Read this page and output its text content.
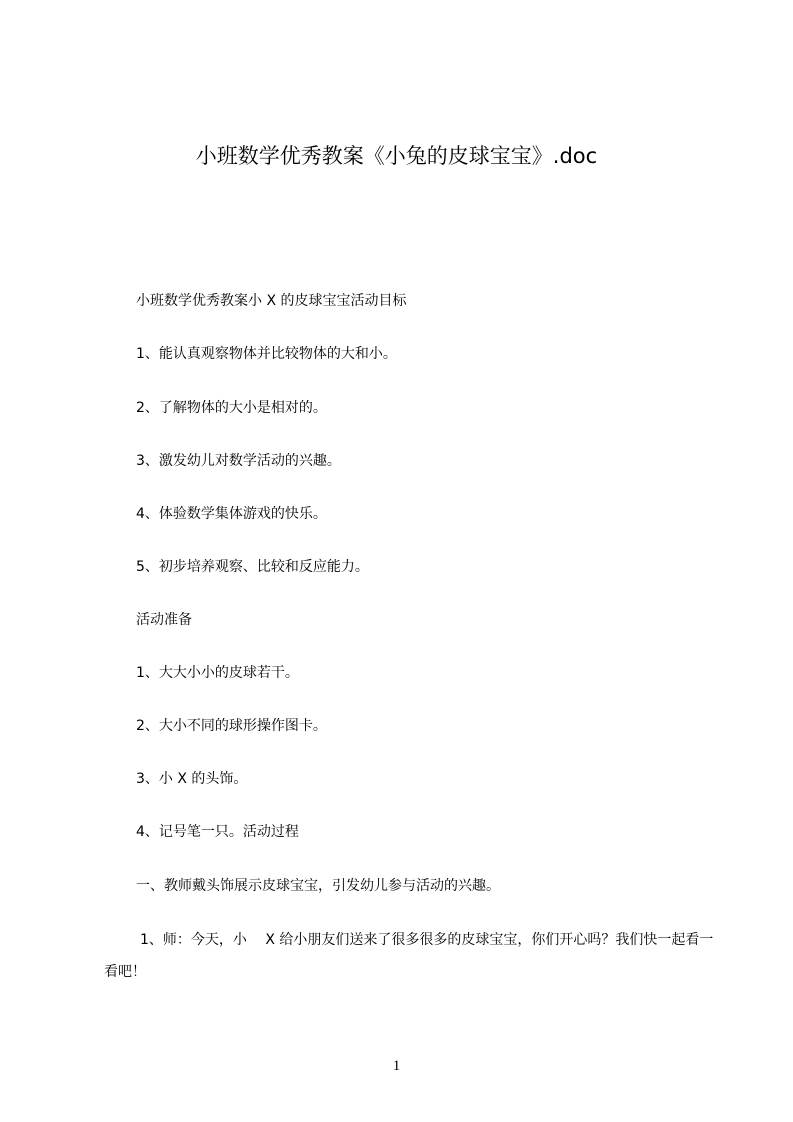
小班数学优秀教案《小兔的皮球宝宝》.doc
小班数学优秀教案小 X 的皮球宝宝活动目标
1、能认真观察物体并比较物体的大和小。
2、了解物体的大小是相对的。
3、激发幼儿对数学活动的兴趣。
4、体验数学集体游戏的快乐。
5、初步培养观察、比较和反应能力。
活动准备
1、大大小小的皮球若干。
2、大小不同的球形操作图卡。
3、小 X 的头饰。
4、记号笔一只。活动过程
一、教师戴头饰展示皮球宝宝，引发幼儿参与活动的兴趣。
1、师：今天，小　 X 给小朋友们送来了很多很多的皮球宝宝，你们开心吗？我们快一起看一看吧！
1
